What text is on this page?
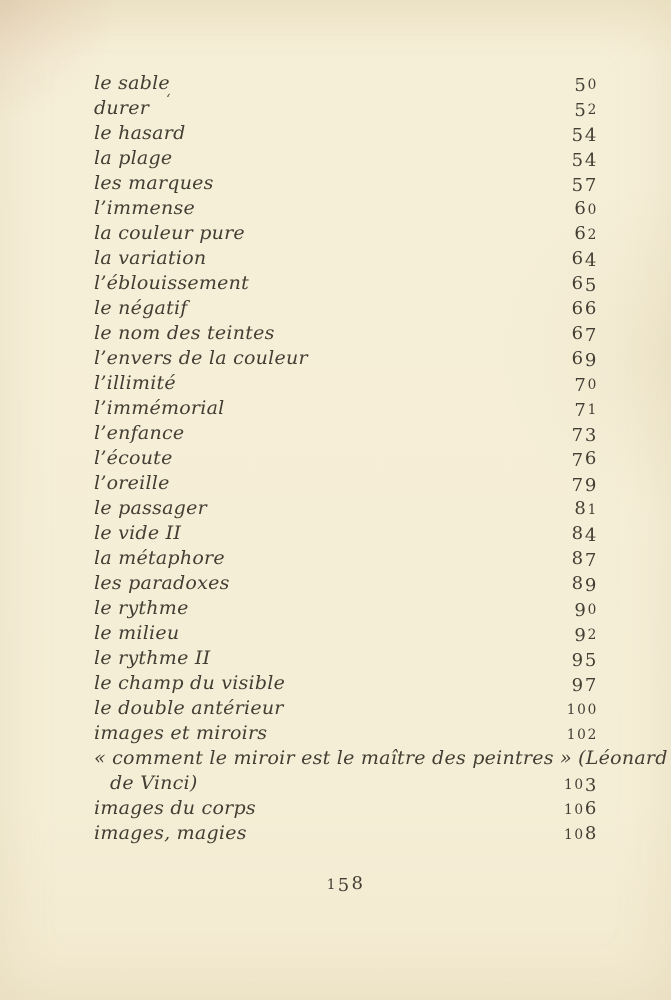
le sable	50
durer	52
le hasard	54
la plage	54
les marques	57
l’immense	60
la couleur pure	62
la variation	64
l’éblouissement	65
le négatif	66
le nom des teintes	67
l’envers de la couleur	69
l’illimité	70
l’immémorial	71
l’enfance	73
l’écoute	76
l’oreille	79
le passager	81
le vide II	84
la métaphore	87
les paradoxes	89
le rythme	90
le milieu	92
le rythme II	95
le champ du visible	97
le double antérieur	100
images et miroirs	102
« comment le miroir est le maître des peintres » (Léonard
de Vinci)	103
images du corps	106
images, magies	108
158
‘
